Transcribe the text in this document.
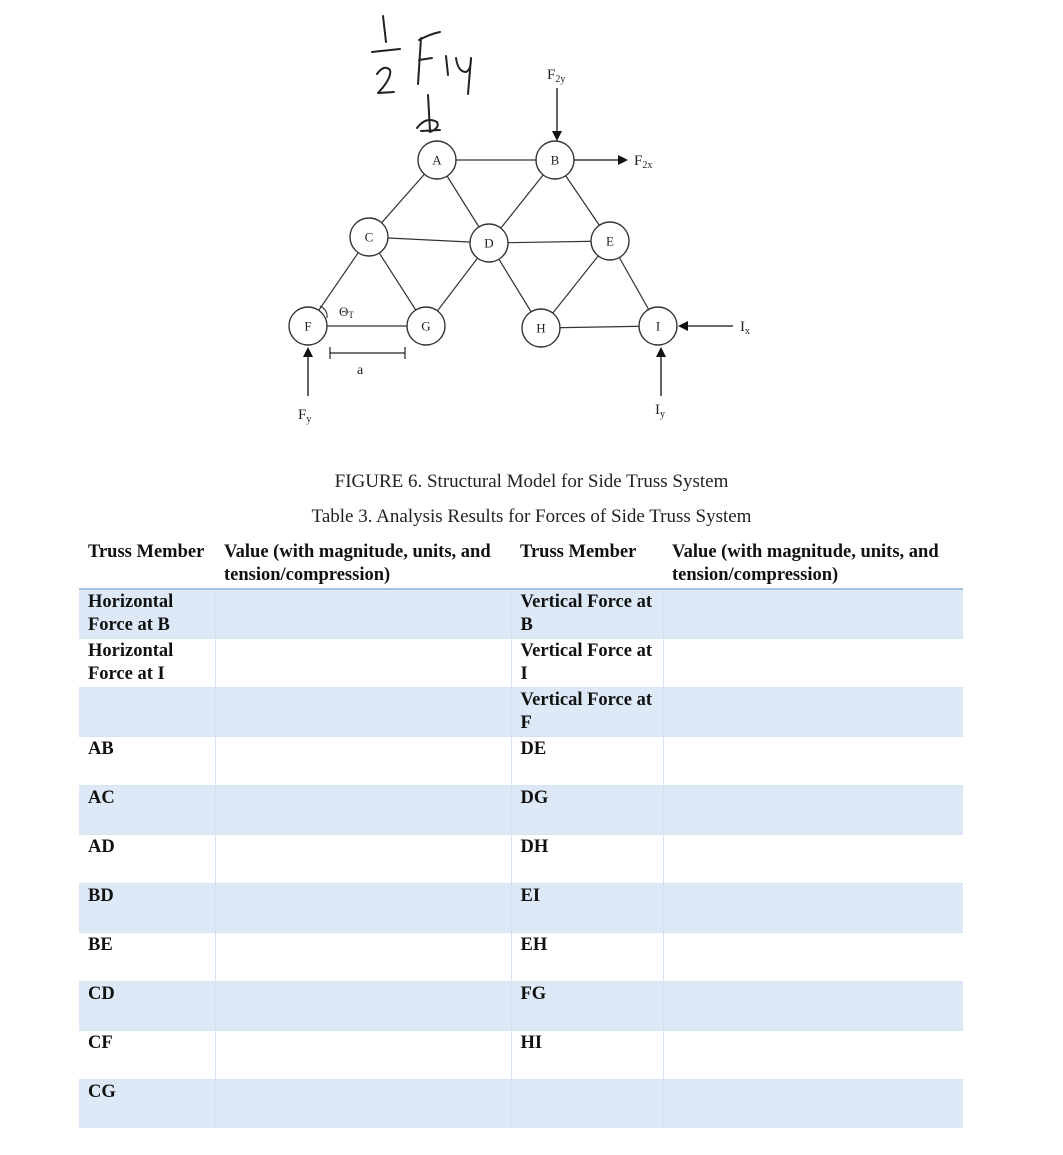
A	B
C	D	E
F	G	H	I
$F_{2y}$
$F_{2x}$
$I_x$
$I_y$
$F_y$
ΘT
a
FIGURE 6. Structural Model for Side Truss System
Table 3. Analysis Results for Forces of Side Truss System
Truss Member	Value (with magnitude, units, and tension/compression)	Truss Member	Value (with magnitude, units, and tension/compression)
Horizontal Force at B		Vertical Force at B	
Horizontal Force at I		Vertical Force at I	
		Vertical Force at F	
AB		DE	
AC		DG	
AD		DH	
BD		EI	
BE		EH	
CD		FG	
CF		HI	
CG			
